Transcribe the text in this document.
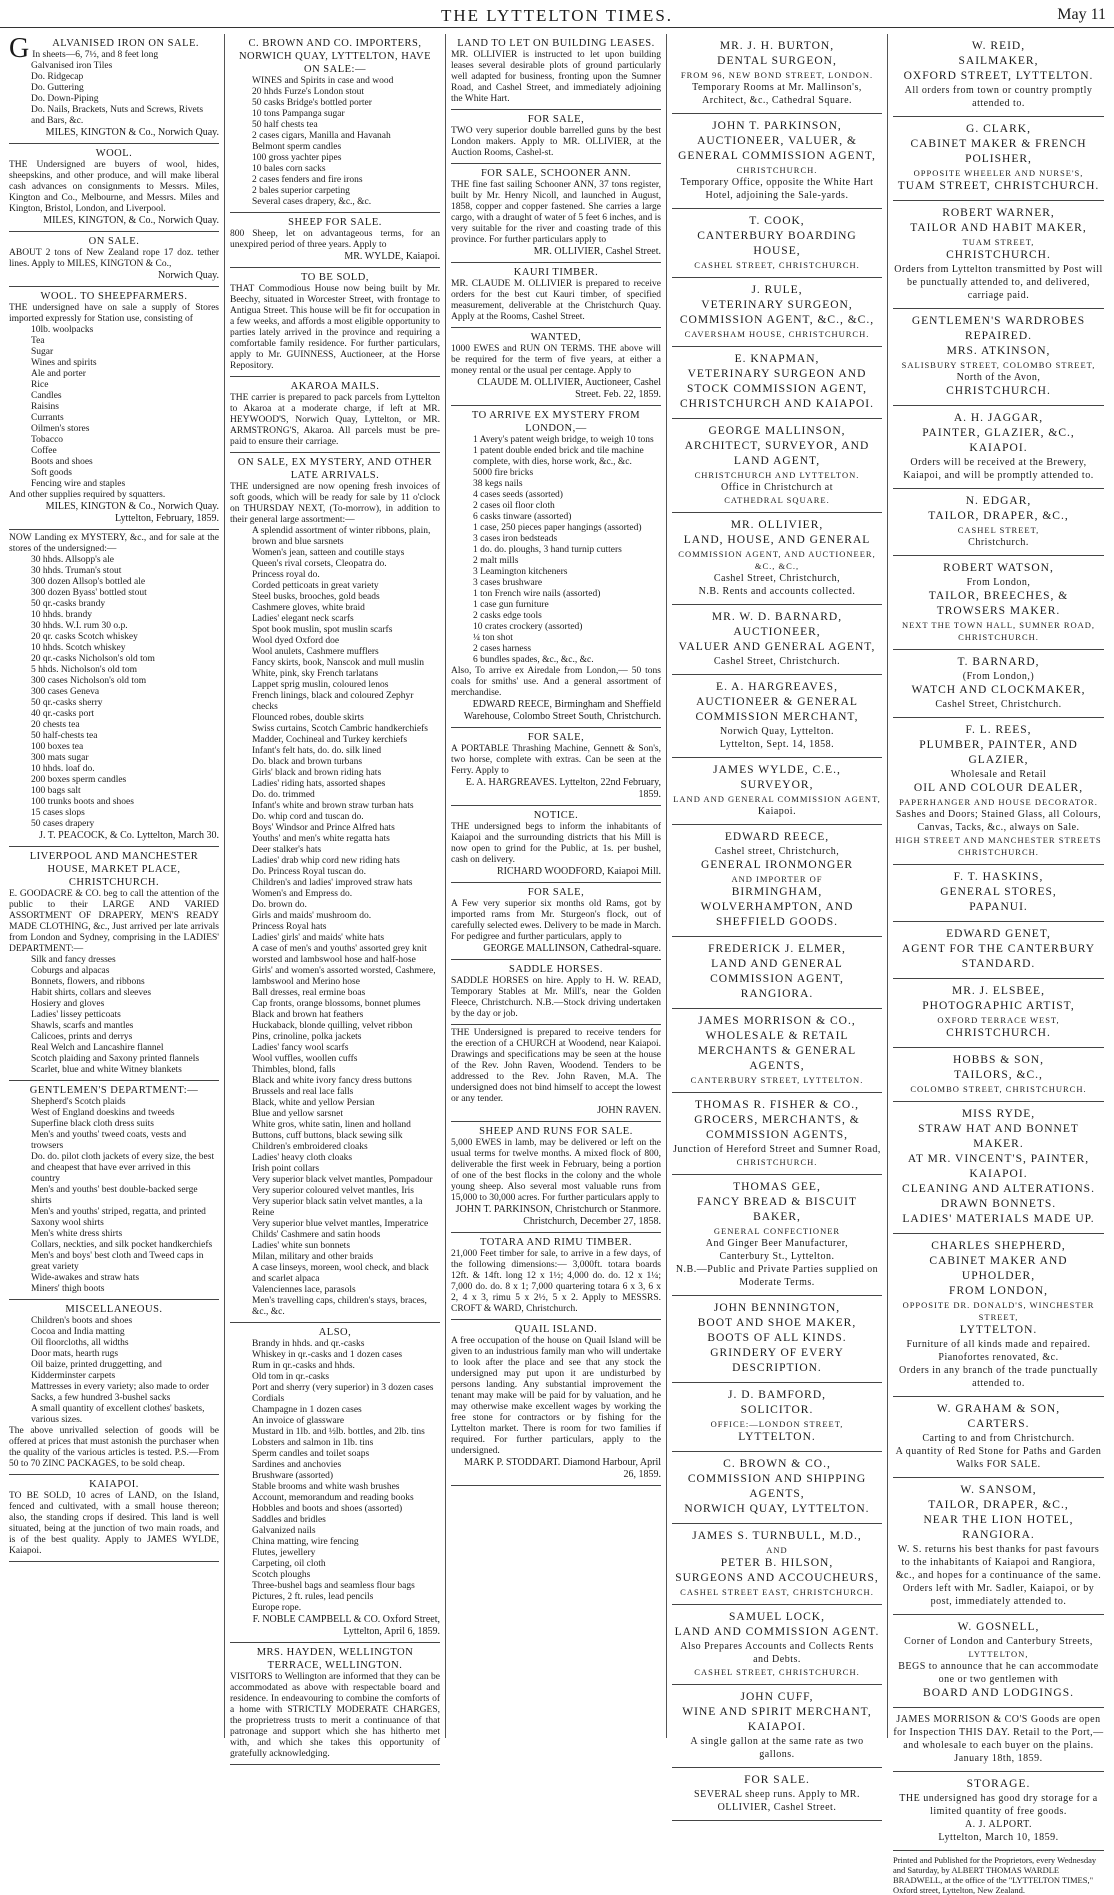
THE LYTTELTON TIMES.	May 11
G	ALVANISED IRON ON SALE.
In sheets—6, 7½, and 8 feet long
Galvanised iron Tiles
Do. Ridgecap
Do. Guttering
Do. Down-Piping
Do. Nails, Brackets, Nuts and Screws, Rivets and Bars, &c.
MILES, KINGTON & Co., Norwich Quay.
WOOL.

THE Undersigned are buyers of wool, hides, sheepskins, and other produce, and will make liberal cash advances on consignments to Messrs. Miles, Kington and Co., Melbourne, and Messrs. Miles and Kington, Bristol, London, and Liverpool.

MILES, KINGTON, & Co., Norwich Quay.
ON SALE.

ABOUT 2 tons of New Zealand rope 17 doz. tether lines. Apply to MILES, KINGTON & Co.,

Norwich Quay.
WOOL. TO SHEEPFARMERS.

THE undersigned have on sale a supply of Stores imported expressly for Station use, consisting of

10lb. woolpacks
Tea
Sugar
Wines and spirits
Ale and porter
Rice
Candles
Raisins
Currants
Oilmen's stores
Tobacco
Coffee
Boots and shoes
Soft goods
Fencing wire and staples

And other supplies required by squatters.

MILES, KINGTON & Co., Norwich Quay. Lyttelton, February, 1859.

NOW Landing ex MYSTERY, &c., and for sale at the stores of the undersigned:—

30 hhds. Allsopp's ale
30 hhds. Truman's stout
300 dozen Allsop's bottled ale
300 dozen Byass' bottled stout
50 qr.-casks brandy
10 hhds. brandy
30 hhds. W.I. rum 30 o.p.
20 qr. casks Scotch whiskey
10 hhds. Scotch whiskey
20 qr.-casks Nicholson's old tom
5 hhds. Nicholson's old tom
300 cases Nicholson's old tom
300 cases Geneva
50 qr.-casks sherry
40 qr.-casks port
20 chests tea
50 half-chests tea
100 boxes tea
300 mats sugar
10 hhds. loaf do.
200 boxes sperm candles
100 bags salt
100 trunks boots and shoes
15 cases slops
50 cases drapery
J. T. PEACOCK, & Co. Lyttelton, March 30.
LIVERPOOL AND MANCHESTER HOUSE, MARKET PLACE, CHRISTCHURCH.

E. GOODACRE & CO. beg to call the attention of the public to their LARGE AND VARIED ASSORTMENT OF DRAPERY, MEN'S READY MADE CLOTHING, &c., Just arrived per late arrivals from London and Sydney, comprising in the LADIES' DEPARTMENT:—

Silk and fancy dresses
Coburgs and alpacas
Bonnets, flowers, and ribbons
Habit shirts, collars and sleeves
Hosiery and gloves
Ladies' lissey petticoats
Shawls, scarfs and mantles
Calicoes, prints and derrys
Real Welch and Lancashire flannel
Scotch plaiding and Saxony printed flannels
Scarlet, blue and white Witney blankets
GENTLEMEN'S DEPARTMENT:—
Shepherd's Scotch plaids
West of England doeskins and tweeds
Superfine black cloth dress suits
Men's and youths' tweed coats, vests and trowsers
Do. do. pilot cloth jackets of every size, the best and cheapest that have ever arrived in this country
Men's and youths' best double-backed serge shirts
Men's and youths' striped, regatta, and printed Saxony wool shirts
Men's white dress shirts
Collars, neckties, and silk pocket handkerchiefs
Men's and boys' best cloth and Tweed caps in great variety
Wide-awakes and straw hats
Miners' thigh boots
MISCELLANEOUS.
Children's boots and shoes
Cocoa and India matting
Oil floorcloths, all widths
Door mats, hearth rugs
Oil baize, printed druggetting, and Kidderminster carpets
Mattresses in every variety; also made to order
Sacks, a few hundred 3-bushel sacks
A small quantity of excellent clothes' baskets, various sizes.

The above unrivalled selection of goods will be offered at prices that must astonish the purchaser when the quality of the various articles is tested. P.S.—From 50 to 70 ZINC PACKAGES, to be sold cheap.

KAIAPOI.

TO BE SOLD, 10 acres of LAND, on the Island, fenced and cultivated, with a small house thereon; also, the standing crops if desired. This land is well situated, being at the junction of two main roads, and is of the best quality. Apply to JAMES WYLDE, Kaiapoi.

C. BROWN AND CO. IMPORTERS, NORWICH QUAY, LYTTELTON, HAVE ON SALE:—
WINES and Spirits in case and wood
20 hhds Furze's London stout
50 casks Bridge's bottled porter
10 tons Pampanga sugar
50 half chests tea
2 cases cigars, Manilla and Havanah
Belmont sperm candles
100 gross yachter pipes
10 bales corn sacks
2 cases fenders and fire irons
2 bales superior carpeting
Several cases drapery, &c., &c.
SHEEP FOR SALE.

800 Sheep, let on advantageous terms, for an unexpired period of three years. Apply to

MR. WYLDE, Kaiapoi.
TO BE SOLD,

THAT Commodious House now being built by Mr. Beechy, situated in Worcester Street, with frontage to Antigua Street. This house will be fit for occupation in a few weeks, and affords a most eligible opportunity to parties lately arrived in the province and requiring a comfortable family residence. For further particulars, apply to Mr. GUINNESS, Auctioneer, at the Horse Repository.

AKAROA MAILS.

THE carrier is prepared to pack parcels from Lyttelton to Akaroa at a moderate charge, if left at MR. HEYWOOD'S, Norwich Quay, Lyttelton, or MR. ARMSTRONG'S, Akaroa. All parcels must be pre-paid to ensure their carriage.

ON SALE, EX MYSTERY, AND OTHER LATE ARRIVALS.

THE undersigned are now opening fresh invoices of soft goods, which will be ready for sale by 11 o'clock on THURSDAY NEXT, (To-morrow), in addition to their general large assortment:—

A splendid assortment of winter ribbons, plain, brown and blue sarsnets
Women's jean, satteen and coutille stays
Queen's rival corsets, Cleopatra do.
Princess royal do.
Corded petticoats in great variety
Steel busks, brooches, gold beads
Cashmere gloves, white braid
Ladies' elegant neck scarfs
Spot book muslin, spot muslin scarfs
Wool dyed Oxford doe
Wool anulets, Cashmere mufflers
Fancy skirts, book, Nanscok and mull muslin
White, pink, sky French tarlatans
Lappet sprig muslin, coloured lenos
French linings, black and coloured Zephyr checks
Flounced robes, double skirts
Swiss curtains, Scotch Cambric handkerchiefs
Madder, Cochineal and Turkey kerchiefs
Infant's felt hats, do. do. silk lined
Do. black and brown turbans
Girls' black and brown riding hats
Ladies' riding hats, assorted shapes
Do. do. trimmed
Infant's white and brown straw turban hats
Do. whip cord and tuscan do.
Boys' Windsor and Prince Alfred hats
Youths' and men's white regatta hats
Deer stalker's hats
Ladies' drab whip cord new riding hats
Do. Princess Royal tuscan do.
Children's and ladies' improved straw hats
Women's and Empress do.
Do. brown do.
Girls and maids' mushroom do.
Princess Royal hats
Ladies' girls' and maids' white hats
A case of men's and youths' assorted grey knit worsted and lambswool hose and half-hose
Girls' and women's assorted worsted, Cashmere, lambswool and Merino hose
Ball dresses, real ermine boas
Cap fronts, orange blossoms, bonnet plumes
Black and brown hat feathers
Huckaback, blonde quilling, velvet ribbon
Pins, crinoline, polka jackets
Ladies' fancy wool scarfs
Wool vuffles, woollen cuffs
Thimbles, blond, falls
Black and white ivory fancy dress buttons
Brussels and real lace falls
Black, white and yellow Persian
Blue and yellow sarsnet
White gros, white satin, linen and holland
Buttons, cuff buttons, black sewing silk
Children's embroidered cloaks
Ladies' heavy cloth cloaks
Irish point collars
Very superior black velvet mantles, Pompadour
Very superior coloured velvet mantles, Iris
Very superior black satin velvet mantles, a la Reine
Very superior blue velvet mantles, Imperatrice
Childs' Cashmere and satin hoods
Ladies' white sun bonnets
Milan, military and other braids
A case linseys, moreen, wool check, and black and scarlet alpaca
Valenciennes lace, parasols
Men's travelling caps, children's stays, braces, &c., &c.
ALSO,
Brandy in hhds. and qr.-casks
Whiskey in qr.-casks and 1 dozen cases
Rum in qr.-casks and hhds.
Old tom in qr.-casks
Port and sherry (very superior) in 3 dozen cases
Cordials
Champagne in 1 dozen cases
An invoice of glassware
Mustard in 1lb. and ½lb. bottles, and 2lb. tins
Lobsters and salmon in 1lb. tins
Sperm candles and toilet soaps
Sardines and anchovies
Brushware (assorted)
Stable brooms and white wash brushes
Account, memorandum and reading books
Hobbles and boots and shoes (assorted)
Saddles and bridles
Galvanized nails
China matting, wire fencing
Flutes, jewellery
Carpeting, oil cloth
Scotch ploughs
Three-bushel bags and seamless flour bags
Pictures, 2 ft. rules, lead pencils
Europe rope.
F. NOBLE CAMPBELL & CO. Oxford Street, Lyttelton, April 6, 1859.
MRS. HAYDEN, WELLINGTON TERRACE, WELLINGTON.

VISITORS to Wellington are informed that they can be accommodated as above with respectable board and residence. In endeavouring to combine the comforts of a home with STRICTLY MODERATE CHARGES, the proprietress trusts to merit a continuance of that patronage and support which she has hitherto met with, and which she takes this opportunity of gratefully acknowledging.

LAND TO LET ON BUILDING LEASES.

MR. OLLIVIER is instructed to let upon building leases several desirable plots of ground particularly well adapted for business, fronting upon the Sumner Road, and Cashel Street, and immediately adjoining the White Hart.

FOR SALE,

TWO very superior double barrelled guns by the best London makers. Apply to MR. OLLIVIER, at the Auction Rooms, Cashel-st.

FOR SALE, SCHOONER ANN.

THE fine fast sailing Schooner ANN, 37 tons register, built by Mr. Henry Nicoll, and launched in August, 1858, copper and copper fastened. She carries a large cargo, with a draught of water of 5 feet 6 inches, and is very suitable for the river and coasting trade of this province. For further particulars apply to

MR. OLLIVIER, Cashel Street.
KAURI TIMBER.

MR. CLAUDE M. OLLIVIER is prepared to receive orders for the best cut Kauri timber, of specified measurement, deliverable at the Christchurch Quay. Apply at the Rooms, Cashel Street.

WANTED,

1000 EWES and RUN ON TERMS. THE above will be required for the term of five years, at either a money rental or the usual per centage. Apply to

CLAUDE M. OLLIVIER, Auctioneer, Cashel Street. Feb. 22, 1859.
TO ARRIVE EX MYSTERY FROM LONDON,—
1 Avery's patent weigh bridge, to weigh 10 tons
1 patent double ended brick and tile machine complete, with dies, horse work, &c., &c.
5000 fire bricks
38 kegs nails
4 cases seeds (assorted)
2 cases oil floor cloth
6 casks tinware (assorted)
1 case, 250 pieces paper hangings (assorted)
3 cases iron bedsteads
1 do. do. ploughs, 3 hand turnip cutters
2 malt mills
3 Leamington kitcheners
3 cases brushware
1 ton French wire nails (assorted)
1 case gun furniture
2 casks edge tools
10 crates crockery (assorted)
¼ ton shot
2 cases harness
6 bundles spades, &c., &c., &c.

Also, To arrive ex Airedale from London,— 50 tons coals for smiths' use. And a general assortment of merchandise.

EDWARD REECE, Birmingham and Sheffield Warehouse, Colombo Street South, Christchurch.
FOR SALE,

A PORTABLE Thrashing Machine, Gennett & Son's, two horse, complete with extras. Can be seen at the Ferry. Apply to

E. A. HARGREAVES. Lyttelton, 22nd February, 1859.
NOTICE.

THE undersigned begs to inform the inhabitants of Kaiapoi and the surrounding districts that his Mill is now open to grind for the Public, at 1s. per bushel, cash on delivery.

RICHARD WOODFORD, Kaiapoi Mill.
FOR SALE,

A Few very superior six months old Rams, got by imported rams from Mr. Sturgeon's flock, out of carefully selected ewes. Delivery to be made in March. For pedigree and further particulars, apply to

GEORGE MALLINSON, Cathedral-square.
SADDLE HORSES.

SADDLE HORSES on hire. Apply to H. W. READ, Temporary Stables at Mr. Mill's, near the Golden Fleece, Christchurch. N.B.—Stock driving undertaken by the day or job.

THE Undersigned is prepared to receive tenders for the erection of a CHURCH at Woodend, near Kaiapoi. Drawings and specifications may be seen at the house of the Rev. John Raven, Woodend. Tenders to be addressed to the Rev. John Raven, M.A. The undersigned does not bind himself to accept the lowest or any tender.

JOHN RAVEN.
SHEEP AND RUNS FOR SALE.

5,000 EWES in lamb, may be delivered or left on the usual terms for twelve months. A mixed flock of 800, deliverable the first week in February, being a portion of one of the best flocks in the colony and the whole young sheep. Also several most valuable runs from 15,000 to 30,000 acres. For further particulars apply to

JOHN T. PARKINSON, Christchurch or Stanmore. Christchurch, December 27, 1858.
TOTARA AND RIMU TIMBER.

21,000 Feet timber for sale, to arrive in a few days, of the following dimensions:— 3,000ft. totara boards 12ft. & 14ft. long 12 x 1½; 4,000 do. do. 12 x 1¼; 7,000 do. do. 8 x 1; 7,000 quartering totara 6 x 3, 6 x 2, 4 x 3, rimu 5 x 2½, 5 x 2. Apply to MESSRS. CROFT & WARD, Christchurch.

QUAIL ISLAND.

A free occupation of the house on Quail Island will be given to an industrious family man who will undertake to look after the place and see that any stock the undersigned may put upon it are undisturbed by persons landing. Any substantial improvement the tenant may make will be paid for by valuation, and he may otherwise make excellent wages by working the free stone for contractors or by fishing for the Lyttelton market. There is room for two families if required. For further particulars, apply to the undersigned.

MARK P. STODDART. Diamond Harbour, April 26, 1859.
MR. J. H. BURTON,
DENTAL SURGEON,
FROM 96, NEW BOND STREET, LONDON.
Temporary Rooms at Mr. Mallinson's,
Architect, &c., Cathedral Square.
JOHN T. PARKINSON,
AUCTIONEER, VALUER, & GENERAL COMMISSION AGENT,
CHRISTCHURCH.
Temporary Office, opposite the White Hart Hotel, adjoining the Sale-yards.
T. COOK,
CANTERBURY BOARDING HOUSE,
CASHEL STREET, CHRISTCHURCH.
J. RULE,
VETERINARY SURGEON, COMMISSION AGENT, &C., &C.,
CAVERSHAM HOUSE, CHRISTCHURCH.
E. KNAPMAN,
VETERINARY SURGEON AND STOCK COMMISSION AGENT,
CHRISTCHURCH AND KAIAPOI.
GEORGE MALLINSON,
ARCHITECT, SURVEYOR, AND LAND AGENT,
CHRISTCHURCH AND LYTTELTON.
Office in Christchurch at
CATHEDRAL SQUARE.
MR. OLLIVIER,
LAND, HOUSE, AND GENERAL
COMMISSION AGENT, AND AUCTIONEER, &C., &C.,
Cashel Street, Christchurch,
N.B. Rents and accounts collected.
MR. W. D. BARNARD,
AUCTIONEER,
VALUER AND GENERAL AGENT,
Cashel Street, Christchurch.
E. A. HARGREAVES,
AUCTIONEER & GENERAL COMMISSION MERCHANT,
Norwich Quay, Lyttelton.
Lyttelton, Sept. 14, 1858.
JAMES WYLDE, C.E.,
SURVEYOR,
LAND AND GENERAL COMMISSION AGENT,
Kaiapoi.
EDWARD REECE,
Cashel street, Christchurch,
GENERAL IRONMONGER
AND IMPORTER OF
BIRMINGHAM, WOLVERHAMPTON, AND SHEFFIELD GOODS.
FREDERICK J. ELMER,
LAND AND GENERAL COMMISSION AGENT,
RANGIORA.
JAMES MORRISON & CO.,
WHOLESALE & RETAIL MERCHANTS & GENERAL AGENTS,
CANTERBURY STREET, LYTTELTON.
THOMAS R. FISHER & CO.,
GROCERS, MERCHANTS, & COMMISSION AGENTS,
Junction of Hereford Street and Sumner Road,
CHRISTCHURCH.
THOMAS GEE,
FANCY BREAD & BISCUIT BAKER,
GENERAL CONFECTIONER
And Ginger Beer Manufacturer,
Canterbury St., Lyttelton.
N.B.—Public and Private Parties supplied on Moderate Terms.
JOHN BENNINGTON,
BOOT AND SHOE MAKER,
BOOTS OF ALL KINDS.
GRINDERY OF EVERY DESCRIPTION.
J. D. BAMFORD,
SOLICITOR.
OFFICE:—LONDON STREET,
LYTTELTON.
C. BROWN & CO.,
COMMISSION AND SHIPPING AGENTS,
NORWICH QUAY, LYTTELTON.
JAMES S. TURNBULL, M.D.,
AND
PETER B. HILSON,
SURGEONS AND ACCOUCHEURS,
CASHEL STREET EAST, CHRISTCHURCH.
SAMUEL LOCK,
LAND AND COMMISSION AGENT.
Also Prepares Accounts and Collects Rents and Debts.
CASHEL STREET, CHRISTCHURCH.
JOHN CUFF,
WINE AND SPIRIT MERCHANT,
KAIAPOI.
A single gallon at the same rate as two gallons.
FOR SALE.
SEVERAL sheep runs. Apply to MR. OLLIVIER, Cashel Street.
W. REID,
SAILMAKER,
OXFORD STREET, LYTTELTON.
All orders from town or country promptly attended to.
G. CLARK,
CABINET MAKER & FRENCH POLISHER,
OPPOSITE WHEELER AND NURSE'S,
TUAM STREET, CHRISTCHURCH.
ROBERT WARNER,
TAILOR AND HABIT MAKER,
TUAM STREET,
CHRISTCHURCH.
Orders from Lyttelton transmitted by Post will be punctually attended to, and delivered, carriage paid.
GENTLEMEN'S WARDROBES REPAIRED.
MRS. ATKINSON,
SALISBURY STREET, COLOMBO STREET,
North of the Avon,
CHRISTCHURCH.
A. H. JAGGAR,
PAINTER, GLAZIER, &C.,
KAIAPOI.
Orders will be received at the Brewery, Kaiapoi, and will be promptly attended to.
N. EDGAR,
TAILOR, DRAPER, &C.,
CASHEL STREET,
Christchurch.
ROBERT WATSON,
From London,
TAILOR, BREECHES, & TROWSERS MAKER.
NEXT THE TOWN HALL, SUMNER ROAD, CHRISTCHURCH.
T. BARNARD,
(From London,)
WATCH AND CLOCKMAKER,
Cashel Street, Christchurch.
F. L. REES,
PLUMBER, PAINTER, AND GLAZIER,
Wholesale and Retail
OIL AND COLOUR DEALER,
PAPERHANGER AND HOUSE DECORATOR.
Sashes and Doors; Stained Glass, all Colours, Canvas, Tacks, &c., always on Sale.
HIGH STREET AND MANCHESTER STREETS CHRISTCHURCH.
F. T. HASKINS,
GENERAL STORES,
PAPANUI.
EDWARD GENET,
AGENT FOR THE CANTERBURY STANDARD.
MR. J. ELSBEE,
PHOTOGRAPHIC ARTIST,
OXFORD TERRACE WEST,
CHRISTCHURCH.
HOBBS & SON,
TAILORS, &C.,
COLOMBO STREET, CHRISTCHURCH.
MISS RYDE,
STRAW HAT AND BONNET MAKER.
AT MR. VINCENT'S, PAINTER, KAIAPOI.
CLEANING AND ALTERATIONS.
DRAWN BONNETS.
LADIES' MATERIALS MADE UP.
CHARLES SHEPHERD,
CABINET MAKER AND UPHOLDER,
FROM LONDON,
OPPOSITE DR. DONALD'S, WINCHESTER STREET,
LYTTELTON.
Furniture of all kinds made and repaired.
Pianofortes renovated, &c.
Orders in any branch of the trade punctually attended to.
W. GRAHAM & SON,
CARTERS.
Carting to and from Christchurch.
A quantity of Red Stone for Paths and Garden Walks FOR SALE.
W. SANSOM,
TAILOR, DRAPER, &C.,
NEAR THE LION HOTEL, RANGIORA.
W. S. returns his best thanks for past favours to the inhabitants of Kaiapoi and Rangiora, &c., and hopes for a continuance of the same. Orders left with Mr. Sadler, Kaiapoi, or by post, immediately attended to.
W. GOSNELL,
Corner of London and Canterbury Streets,
LYTTELTON,
BEGS to announce that he can accommodate one or two gentlemen with
BOARD AND LODGINGS.
JAMES MORRISON & CO'S Goods are open for Inspection THIS DAY. Retail to the Port,—and wholesale to each buyer on the plains.
January 18th, 1859.
STORAGE.
THE undersigned has good dry storage for a limited quantity of free goods.
A. J. ALPORT.
Lyttelton, March 10, 1859.
Printed and Published for the Proprietors, every Wednesday and Saturday, by ALBERT THOMAS WARDLE BRADWELL, at the office of the "LYTTELTON TIMES," Oxford street, Lyttelton, New Zealand.
